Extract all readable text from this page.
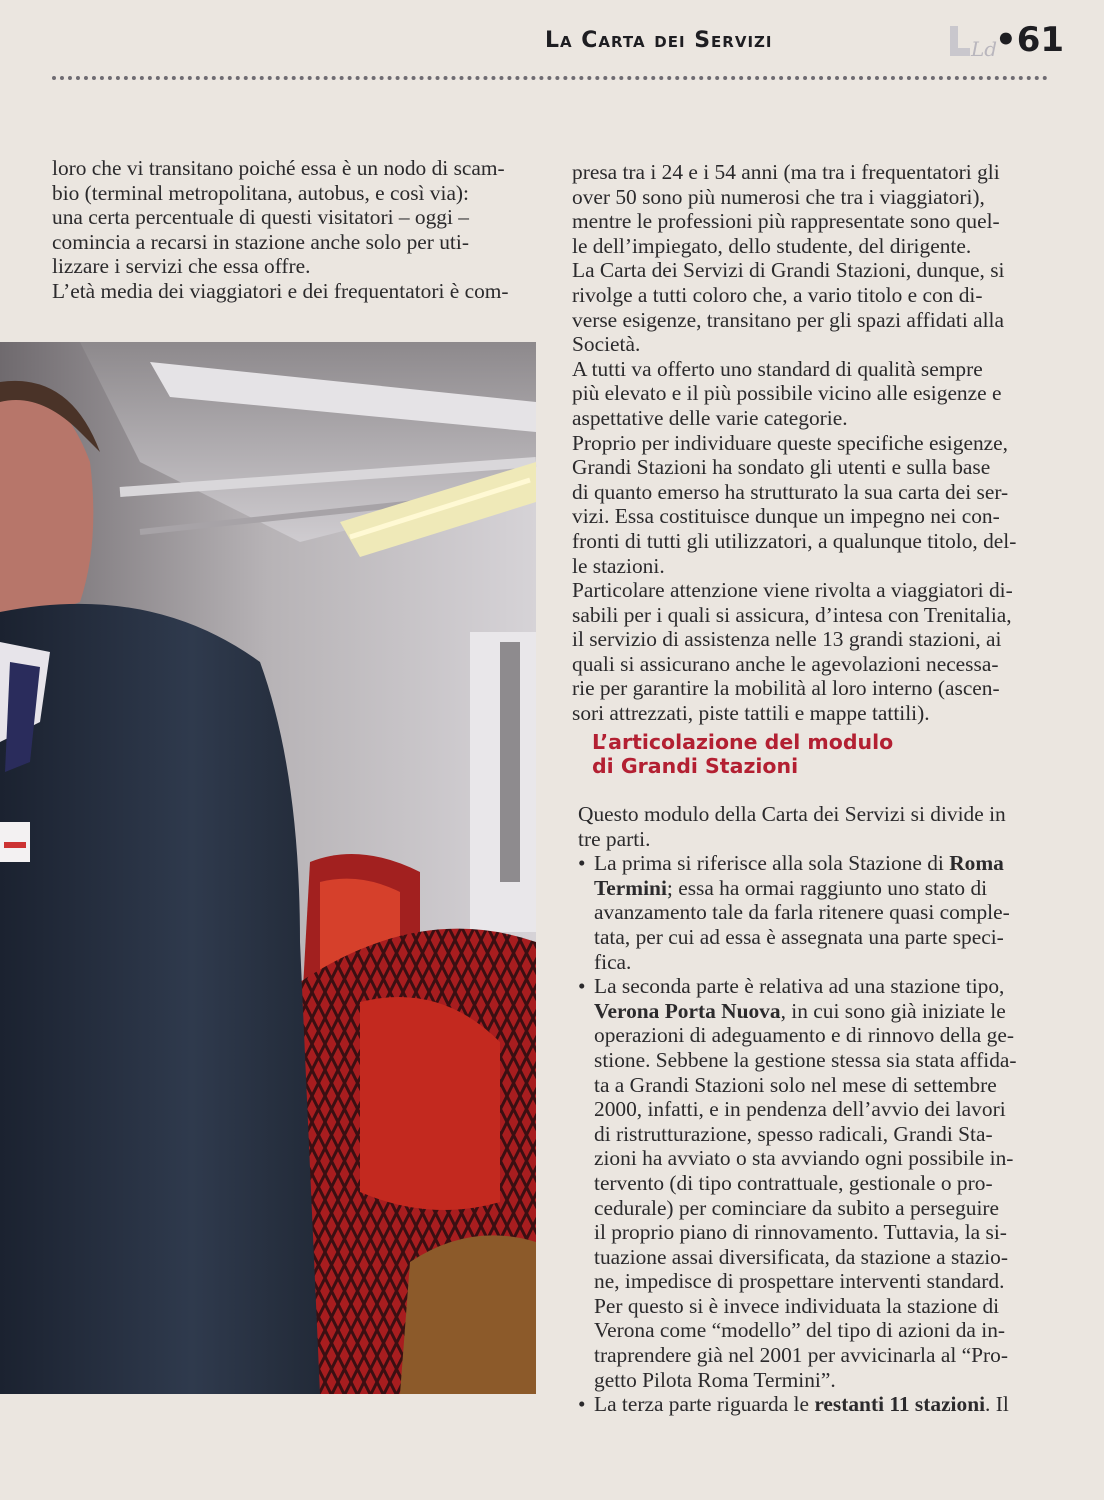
La Carta dei Servizi	Ld
•61

loro che vi transitano poiché essa è un nodo di scam-

bio (terminal metropolitana, autobus, e così via):

una certa percentuale di questi visitatori – oggi –

comincia a recarsi in stazione anche solo per uti-

lizzare i servizi che essa offre.

L’età media dei viaggiatori e dei frequentatori è com-

presa tra i 24 e i 54 anni (ma tra i frequentatori gli

over 50 sono più numerosi che tra i viaggiatori),

mentre le professioni più rappresentate sono quel-

le dell’impiegato, dello studente, del dirigente.

La Carta dei Servizi di Grandi Stazioni, dunque, si

rivolge a tutti coloro che, a vario titolo e con di-

verse esigenze, transitano per gli spazi affidati alla

Società.

A tutti va offerto uno standard di qualità sempre

più elevato e il più possibile vicino alle esigenze e

aspettative delle varie categorie.

Proprio per individuare queste specifiche esigenze,

Grandi Stazioni ha sondato gli utenti e sulla base

di quanto emerso ha strutturato la sua carta dei ser-

vizi. Essa costituisce dunque un impegno nei con-

fronti di tutti gli utilizzatori, a qualunque titolo, del-

le stazioni.

Particolare attenzione viene rivolta a viaggiatori di-

sabili per i quali si assicura, d’intesa con Trenitalia,

il servizio di assistenza nelle 13 grandi stazioni, ai

quali si assicurano anche le agevolazioni necessa-

rie per garantire la mobilità al loro interno (ascen-

sori attrezzati, piste tattili e mappe tattili).

L’articolazione del modulo
di Grandi Stazioni

Questo modulo della Carta dei Servizi si divide in

tre parti.

• La prima si riferisce alla sola Stazione di Roma

Termini; essa ha ormai raggiunto uno stato di

avanzamento tale da farla ritenere quasi comple-

tata, per cui ad essa è assegnata una parte speci-

fica.

• La seconda parte è relativa ad una stazione tipo,

Verona Porta Nuova, in cui sono già iniziate le

operazioni di adeguamento e di rinnovo della ge-

stione. Sebbene la gestione stessa sia stata affida-

ta a Grandi Stazioni solo nel mese di settembre

2000, infatti, e in pendenza dell’avvio dei lavori

di ristrutturazione, spesso radicali, Grandi Sta-

zioni ha avviato o sta avviando ogni possibile in-

tervento (di tipo contrattuale, gestionale o pro-

cedurale) per cominciare da subito a perseguire

il proprio piano di rinnovamento. Tuttavia, la si-

tuazione assai diversificata, da stazione a stazio-

ne, impedisce di prospettare interventi standard.

Per questo si è invece individuata la stazione di

Verona come “modello” del tipo di azioni da in-

traprendere già nel 2001 per avvicinarla al “Pro-

getto Pilota Roma Termini”.

• La terza parte riguarda le restanti 11 stazioni. Il
